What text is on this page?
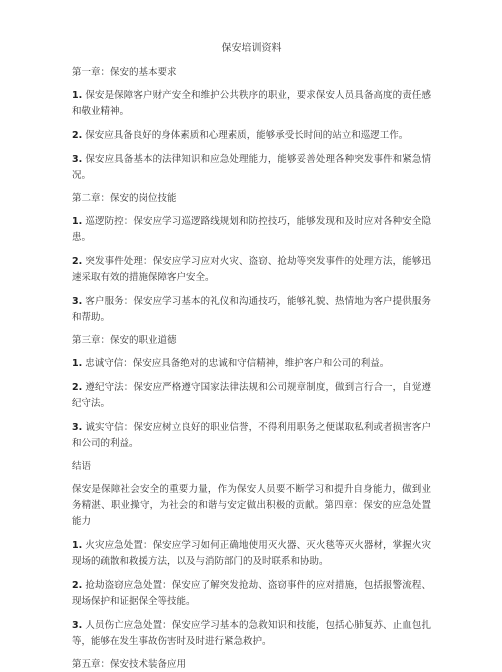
保安培训资料
第一章：保安的基本要求

1. 保安是保障客户财产安全和维护公共秩序的职业，要求保安人员具备高度的责任感和敬业精神。

2. 保安应具备良好的身体素质和心理素质，能够承受长时间的站立和巡逻工作。

3. 保安应具备基本的法律知识和应急处理能力，能够妥善处理各种突发事件和紧急情况。

第二章：保安的岗位技能

1. 巡逻防控：保安应学习巡逻路线规划和防控技巧，能够发现和及时应对各种安全隐患。

2. 突发事件处理：保安应学习应对火灾、盗窃、抢劫等突发事件的处理方法，能够迅速采取有效的措施保障客户安全。

3. 客户服务：保安应学习基本的礼仪和沟通技巧，能够礼貌、热情地为客户提供服务和帮助。

第三章：保安的职业道德

1. 忠诚守信：保安应具备绝对的忠诚和守信精神，维护客户和公司的利益。

2. 遵纪守法：保安应严格遵守国家法律法规和公司规章制度，做到言行合一，自觉遵纪守法。

3. 诚实守信：保安应树立良好的职业信誉，不得利用职务之便谋取私利或者损害客户和公司的利益。

结语

保安是保障社会安全的重要力量，作为保安人员要不断学习和提升自身能力，做到业务精湛、职业操守，为社会的和谐与安定做出积极的贡献。第四章：保安的应急处置能力

1. 火灾应急处置：保安应学习如何正确地使用灭火器、灭火毯等灭火器材，掌握火灾现场的疏散和救援方法，以及与消防部门的及时联系和协助。

2. 抢劫盗窃应急处置：保安应了解突发抢劫、盗窃事件的应对措施，包括报警流程、现场保护和证据保全等技能。

3. 人员伤亡应急处置：保安应学习基本的急救知识和技能，包括心肺复苏、止血包扎等，能够在发生事故伤害时及时进行紧急救护。

第五章：保安技术装备应用
